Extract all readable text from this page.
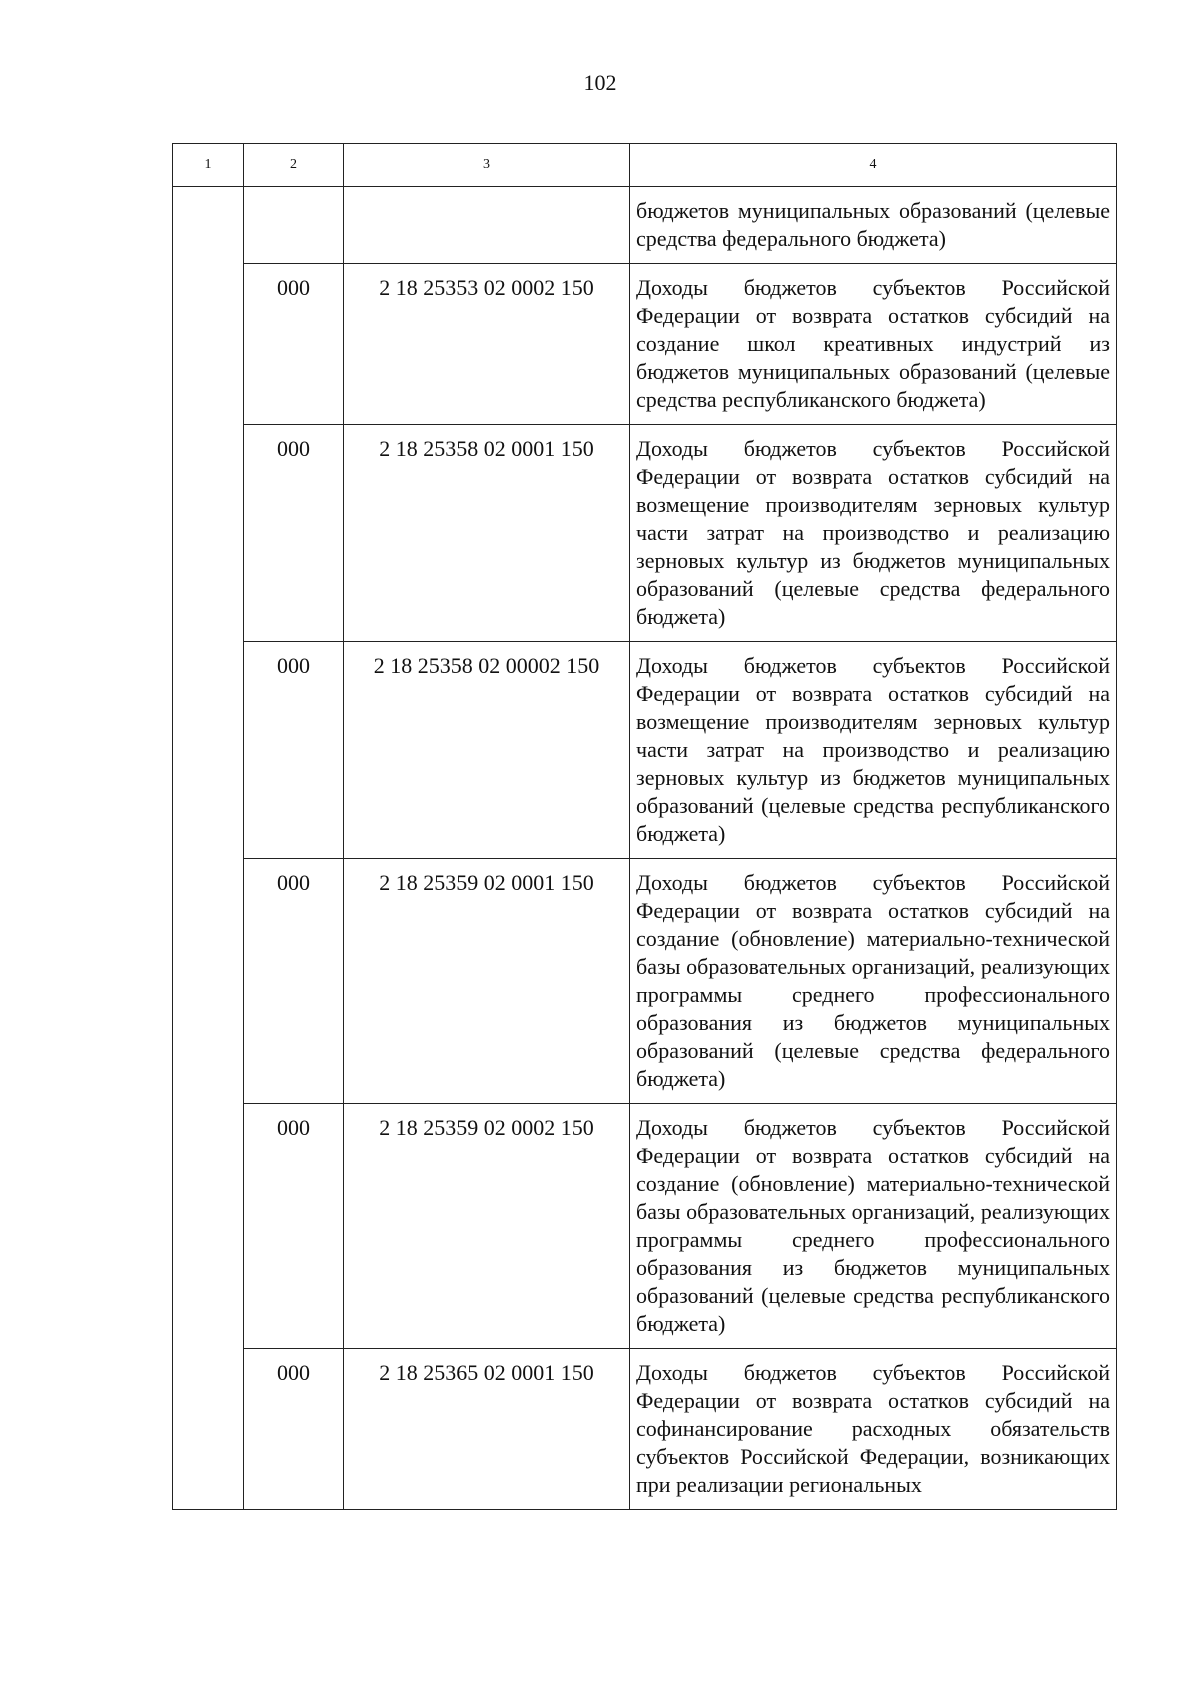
102
1	2	3	4
			бюджетов муниципальных образований (целевые средства федерального бюджета)
	000	2 18 25353 02 0002 150	Доходы бюджетов субъектов Российской Федерации от возврата остатков субсидий на создание школ креативных индустрий из бюджетов муниципальных образований (целевые средства республиканского бюджета)
	000	2 18 25358 02 0001 150	Доходы бюджетов субъектов Российской Федерации от возврата остатков субсидий на возмещение производителям зерновых культур части затрат на производство и реализацию зерновых культур из бюджетов муниципальных образований (целевые средства федерального бюджета)
	000	2 18 25358 02 00002 150	Доходы бюджетов субъектов Российской Федерации от возврата остатков субсидий на возмещение производителям зерновых культур части затрат на производство и реализацию зерновых культур из бюджетов муниципальных образований (целевые средства республиканского бюджета)
	000	2 18 25359 02 0001 150	Доходы бюджетов субъектов Российской Федерации от возврата остатков субсидий на создание (обновление) материально-технической базы образовательных организаций, реализующих программы среднего профессионального образования из бюджетов муниципальных образований (целевые средства федерального бюджета)
	000	2 18 25359 02 0002 150	Доходы бюджетов субъектов Российской Федерации от возврата остатков субсидий на создание (обновление) материально-технической базы образовательных организаций, реализующих программы среднего профессионального образования из бюджетов муниципальных образований (целевые средства республиканского бюджета)
	000	2 18 25365 02 0001 150	Доходы бюджетов субъектов Российской Федерации от возврата остатков субсидий на софинансирование расходных обязательств субъектов Российской Федерации, возникающих при реализации региональных
